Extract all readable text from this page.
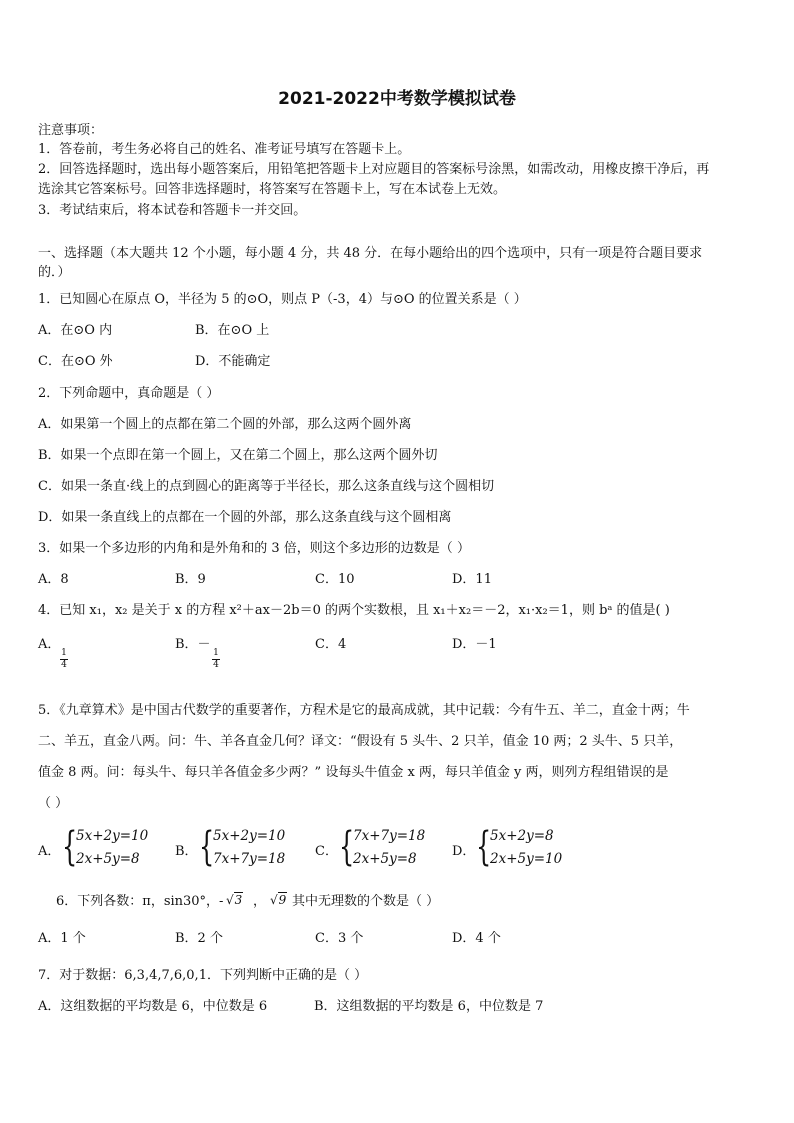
2021-2022中考数学模拟试卷
注意事项：
1．答卷前，考生务必将自己的姓名、准考证号填写在答题卡上。
2．回答选择题时，选出每小题答案后，用铅笔把答题卡上对应题目的答案标号涂黑，如需改动，用橡皮擦干净后，再
选涂其它答案标号。回答非选择题时，将答案写在答题卡上，写在本试卷上无效。
3．考试结束后，将本试卷和答题卡一并交回。
一、选择题（本大题共 12 个小题，每小题 4 分，共 48 分．在每小题给出的四个选项中，只有一项是符合题目要求
的．）
1．已知圆心在原点 O，半径为 5 的⊙O，则点 P（-3，4）与⊙O 的位置关系是（ ）
A．在⊙O 内	B．在⊙O 上
C．在⊙O 外	D．不能确定
2．下列命题中，真命题是（ ）
A．如果第一个圆上的点都在第二个圆的外部，那么这两个圆外离
B．如果一个点即在第一个圆上，又在第二个圆上，那么这两个圆外切
C．如果一条直·线上的点到圆心的距离等于半径长，那么这条直线与这个圆相切
D．如果一条直线上的点都在一个圆的外部，那么这条直线与这个圆相离
3．如果一个多边形的内角和是外角和的 3 倍，则这个多边形的边数是（ ）
A．8	B．9	C．10	D．11
4．已知 x₁，x₂ 是关于 x 的方程 x²＋ax－2b＝0 的两个实数根，且 x₁＋x₂＝－2，x₁·x₂＝1，则 bᵃ 的值是( )
A．
1
4
B．－
1
4
C．4	D．－1
5．《九章算术》是中国古代数学的重要著作，方程术是它的最高成就，其中记载：今有牛五、羊二，直金十两；牛
二、羊五，直金八两。问：牛、羊各直金几何？译文：“假设有 5 头牛、2 只羊，值金 10 两；2 头牛、5 只羊，
值金 8 两。问：每头牛、每只羊各值金多少两？” 设每头牛值金 x 两，每只羊值金 y 两，则列方程组错误的是
（ ）
A． {
5x+2y=10
2x+5y=8	B． {
5x+2y=10
7x+7y=18 C． {
7x+7y=18
2x+5y=8	D． {
5x+2y=8
2x+5y=10
6．下列各数：π，sin30°，- √3 ， √9 其中无理数的个数是（ ）
A．1 个	B．2 个	C．3 个	D．4 个
7．对于数据：6,3,4,7,6,0,1．下列判断中正确的是（ ）
A．这组数据的平均数是 6，中位数是 6	B．这组数据的平均数是 6，中位数是 7
